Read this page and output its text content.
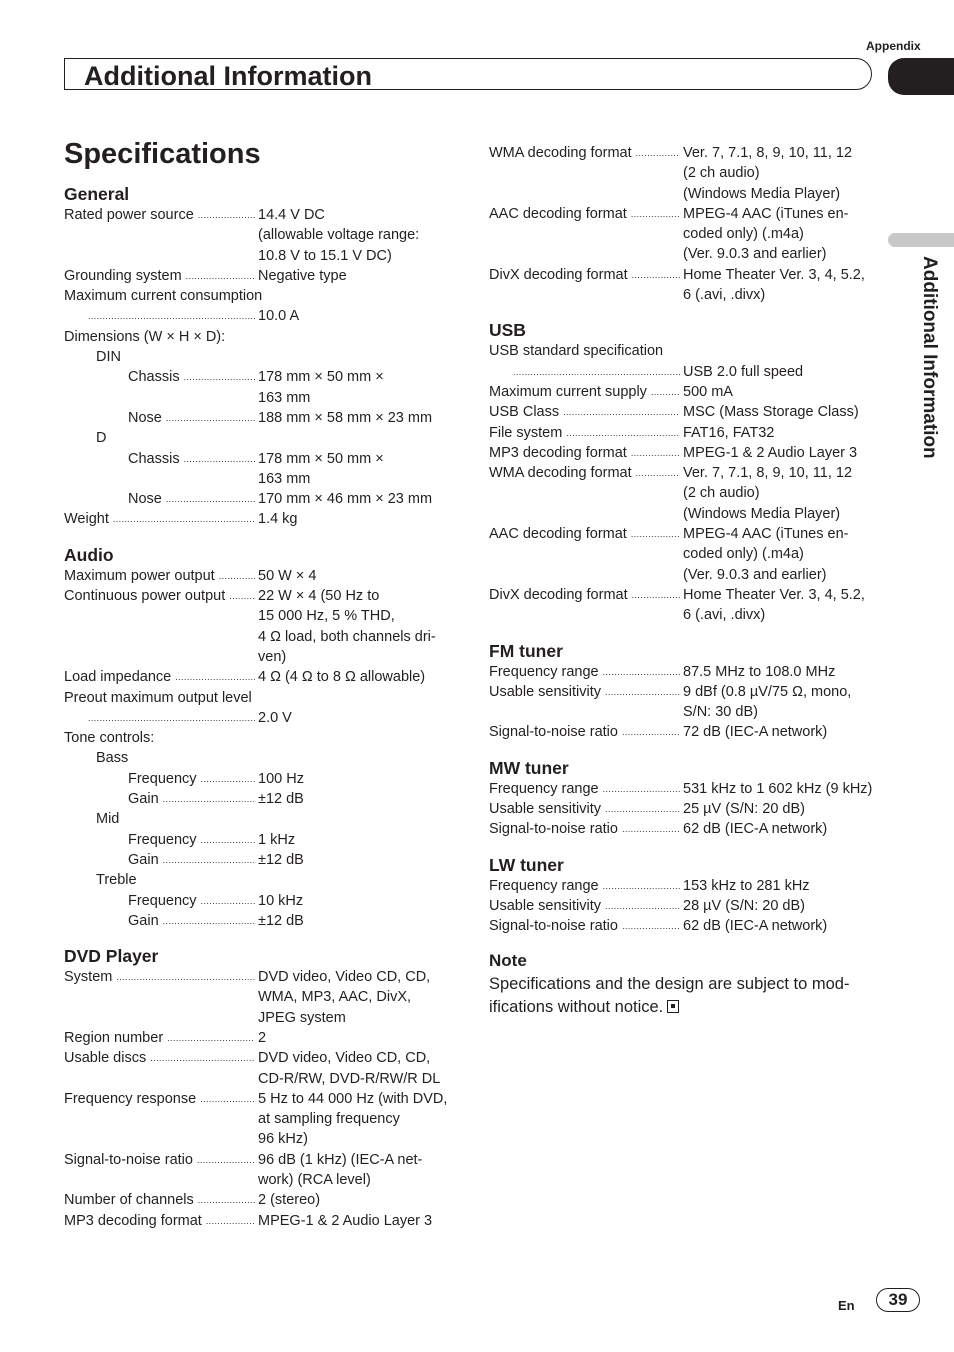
Appendix
Additional Information
Additional Information
Specifications
General
Rated power source .....	14.4 V DC
(allowable voltage range:
10.8 V to 15.1 V DC)
Grounding system .....	Negative type
Maximum current consumption
.....
10.0 A
Dimensions (W × H × D):
DIN
Chassis .....	178 mm × 50 mm ×
163 mm
Nose .....	188 mm × 58 mm × 23 mm
D
Chassis .....	178 mm × 50 mm ×
163 mm
Nose .....	170 mm × 46 mm × 23 mm
Weight .....	1.4 kg
Audio
Maximum power output .....	50 W × 4
Continuous power output ..... 22 W × 4 (50 Hz to
15 000 Hz, 5 % THD,
4 Ω load, both channels dri-
ven)
Load impedance .....	4 Ω (4 Ω to 8 Ω allowable)
Preout maximum output level
.....
2.0 V
Tone controls:
Bass
Frequency .....	100 Hz
Gain .....	±12 dB
Mid
Frequency .....	1 kHz
Gain .....	±12 dB
Treble
Frequency .....	10 kHz
Gain .....	±12 dB
DVD Player
System .....	DVD video, Video CD, CD,
WMA, MP3, AAC, DivX,
JPEG system
Region number .....	2
Usable discs .....	DVD video, Video CD, CD,
CD-R/RW, DVD-R/RW/R DL
Frequency response .....	5 Hz to 44 000 Hz (with DVD,
at sampling frequency
96 kHz)
Signal-to-noise ratio .....	96 dB (1 kHz) (IEC-A net-
work) (RCA level)
Number of channels .....	2 (stereo)
MP3 decoding format .....	MPEG-1 & 2 Audio Layer 3
WMA decoding format .....	Ver. 7, 7.1, 8, 9, 10, 11, 12
(2 ch audio)
(Windows Media Player)
AAC decoding format .....	MPEG-4 AAC (iTunes en-
coded only) (.m4a)
(Ver. 9.0.3 and earlier)
DivX decoding format .....	Home Theater Ver. 3, 4, 5.2,
6 (.avi, .divx)
USB
USB standard specification
.....
USB 2.0 full speed
Maximum current supply ..... 500 mA
USB Class .....	MSC (Mass Storage Class)
File system .....	FAT16, FAT32
MP3 decoding format .....	MPEG-1 & 2 Audio Layer 3
WMA decoding format .....	Ver. 7, 7.1, 8, 9, 10, 11, 12
(2 ch audio)
(Windows Media Player)
AAC decoding format .....	MPEG-4 AAC (iTunes en-
coded only) (.m4a)
(Ver. 9.0.3 and earlier)
DivX decoding format .....	Home Theater Ver. 3, 4, 5.2,
6 (.avi, .divx)
FM tuner
Frequency range .....	87.5 MHz to 108.0 MHz
Usable sensitivity .....	9 dBf (0.8 µV/75 Ω, mono,
S/N: 30 dB)
Signal-to-noise ratio .....	72 dB (IEC-A network)
MW tuner
Frequency range .....	531 kHz to 1 602 kHz (9 kHz)
Usable sensitivity .....	25 µV (S/N: 20 dB)
Signal-to-noise ratio .....	62 dB (IEC-A network)
LW tuner
Frequency range .....	153 kHz to 281 kHz
Usable sensitivity .....	28 µV (S/N: 20 dB)
Signal-to-noise ratio .....	62 dB (IEC-A network)
Note
Specifications and the design are subject to mod-ifications without notice.
En	39
